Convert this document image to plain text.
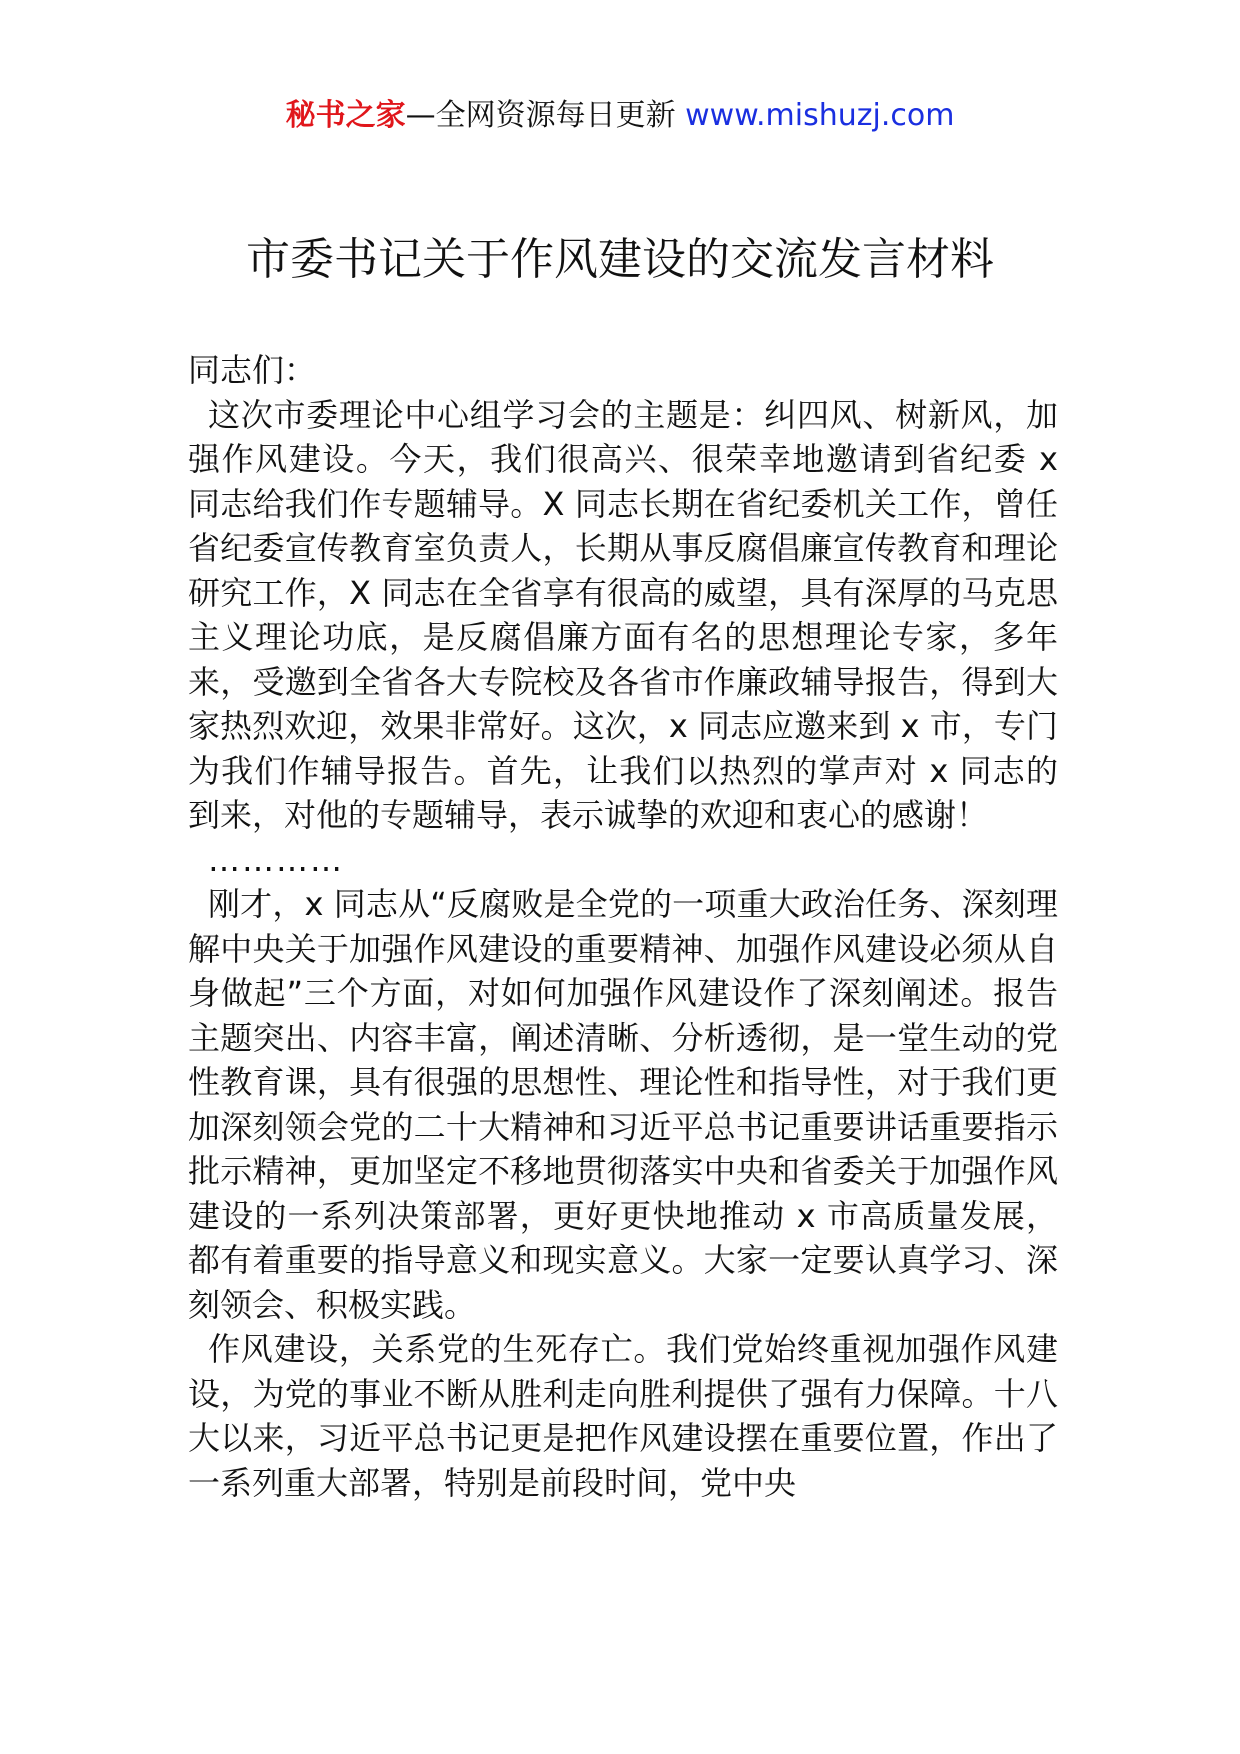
秘书之家—全网资源每日更新 www.mishuzj.com
市委书记关于作风建设的交流发言材料

同志们：

这次市委理论中心组学习会的主题是：纠四风、树新风，加强作风建设。今天，我们很高兴、很荣幸地邀请到省纪委 x 同志给我们作专题辅导。X 同志长期在省纪委机关工作，曾任省纪委宣传教育室负责人，长期从事反腐倡廉宣传教育和理论研究工作，X 同志在全省享有很高的威望，具有深厚的马克思主义理论功底，是反腐倡廉方面有名的思想理论专家，多年来，受邀到全省各大专院校及各省市作廉政辅导报告，得到大家热烈欢迎，效果非常好。这次，x 同志应邀来到 x 市，专门为我们作辅导报告。首先，让我们以热烈的掌声对 x 同志的到来，对他的专题辅导，表示诚挚的欢迎和衷心的感谢！

…………

刚才，x 同志从“反腐败是全党的一项重大政治任务、深刻理解中央关于加强作风建设的重要精神、加强作风建设必须从自身做起”三个方面，对如何加强作风建设作了深刻阐述。报告主题突出、内容丰富，阐述清晰、分析透彻，是一堂生动的党性教育课，具有很强的思想性、理论性和指导性，对于我们更加深刻领会党的二十大精神和习近平总书记重要讲话重要指示批示精神，更加坚定不移地贯彻落实中央和省委关于加强作风建设的一系列决策部署，更好更快地推动 x 市高质量发展，都有着重要的指导意义和现实意义。大家一定要认真学习、深刻领会、积极实践。

作风建设，关系党的生死存亡。我们党始终重视加强作风建设，为党的事业不断从胜利走向胜利提供了强有力保障。十八大以来，习近平总书记更是把作风建设摆在重要位置，作出了一系列重大部署，特别是前段时间，党中央
